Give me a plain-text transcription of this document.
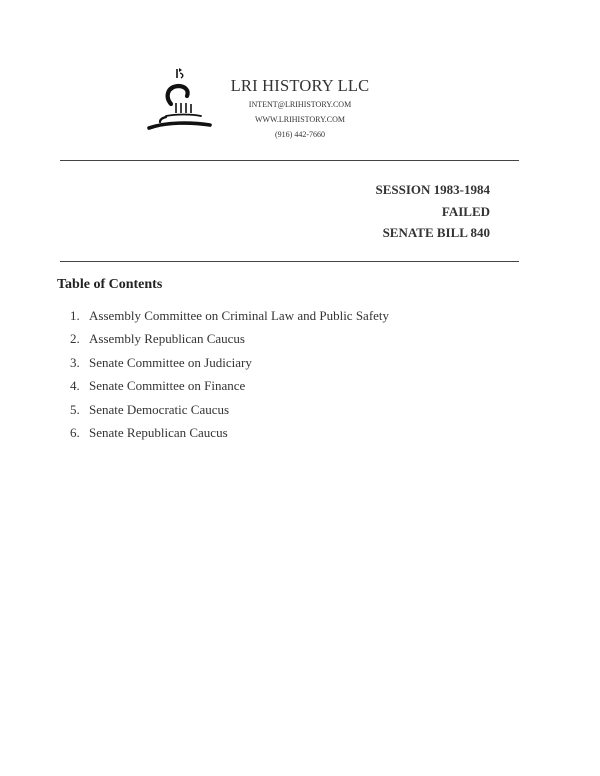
LRI HISTORY LLC
INTENT@LRIHISTORY.COM
WWW.LRIHISTORY.COM
(916) 442-7660
SESSION 1983-1984
FAILED
SENATE BILL 840
Table of Contents
1. Assembly Committee on Criminal Law and Public Safety
2. Assembly Republican Caucus
3. Senate Committee on Judiciary
4. Senate Committee on Finance
5. Senate Democratic Caucus
6. Senate Republican Caucus
